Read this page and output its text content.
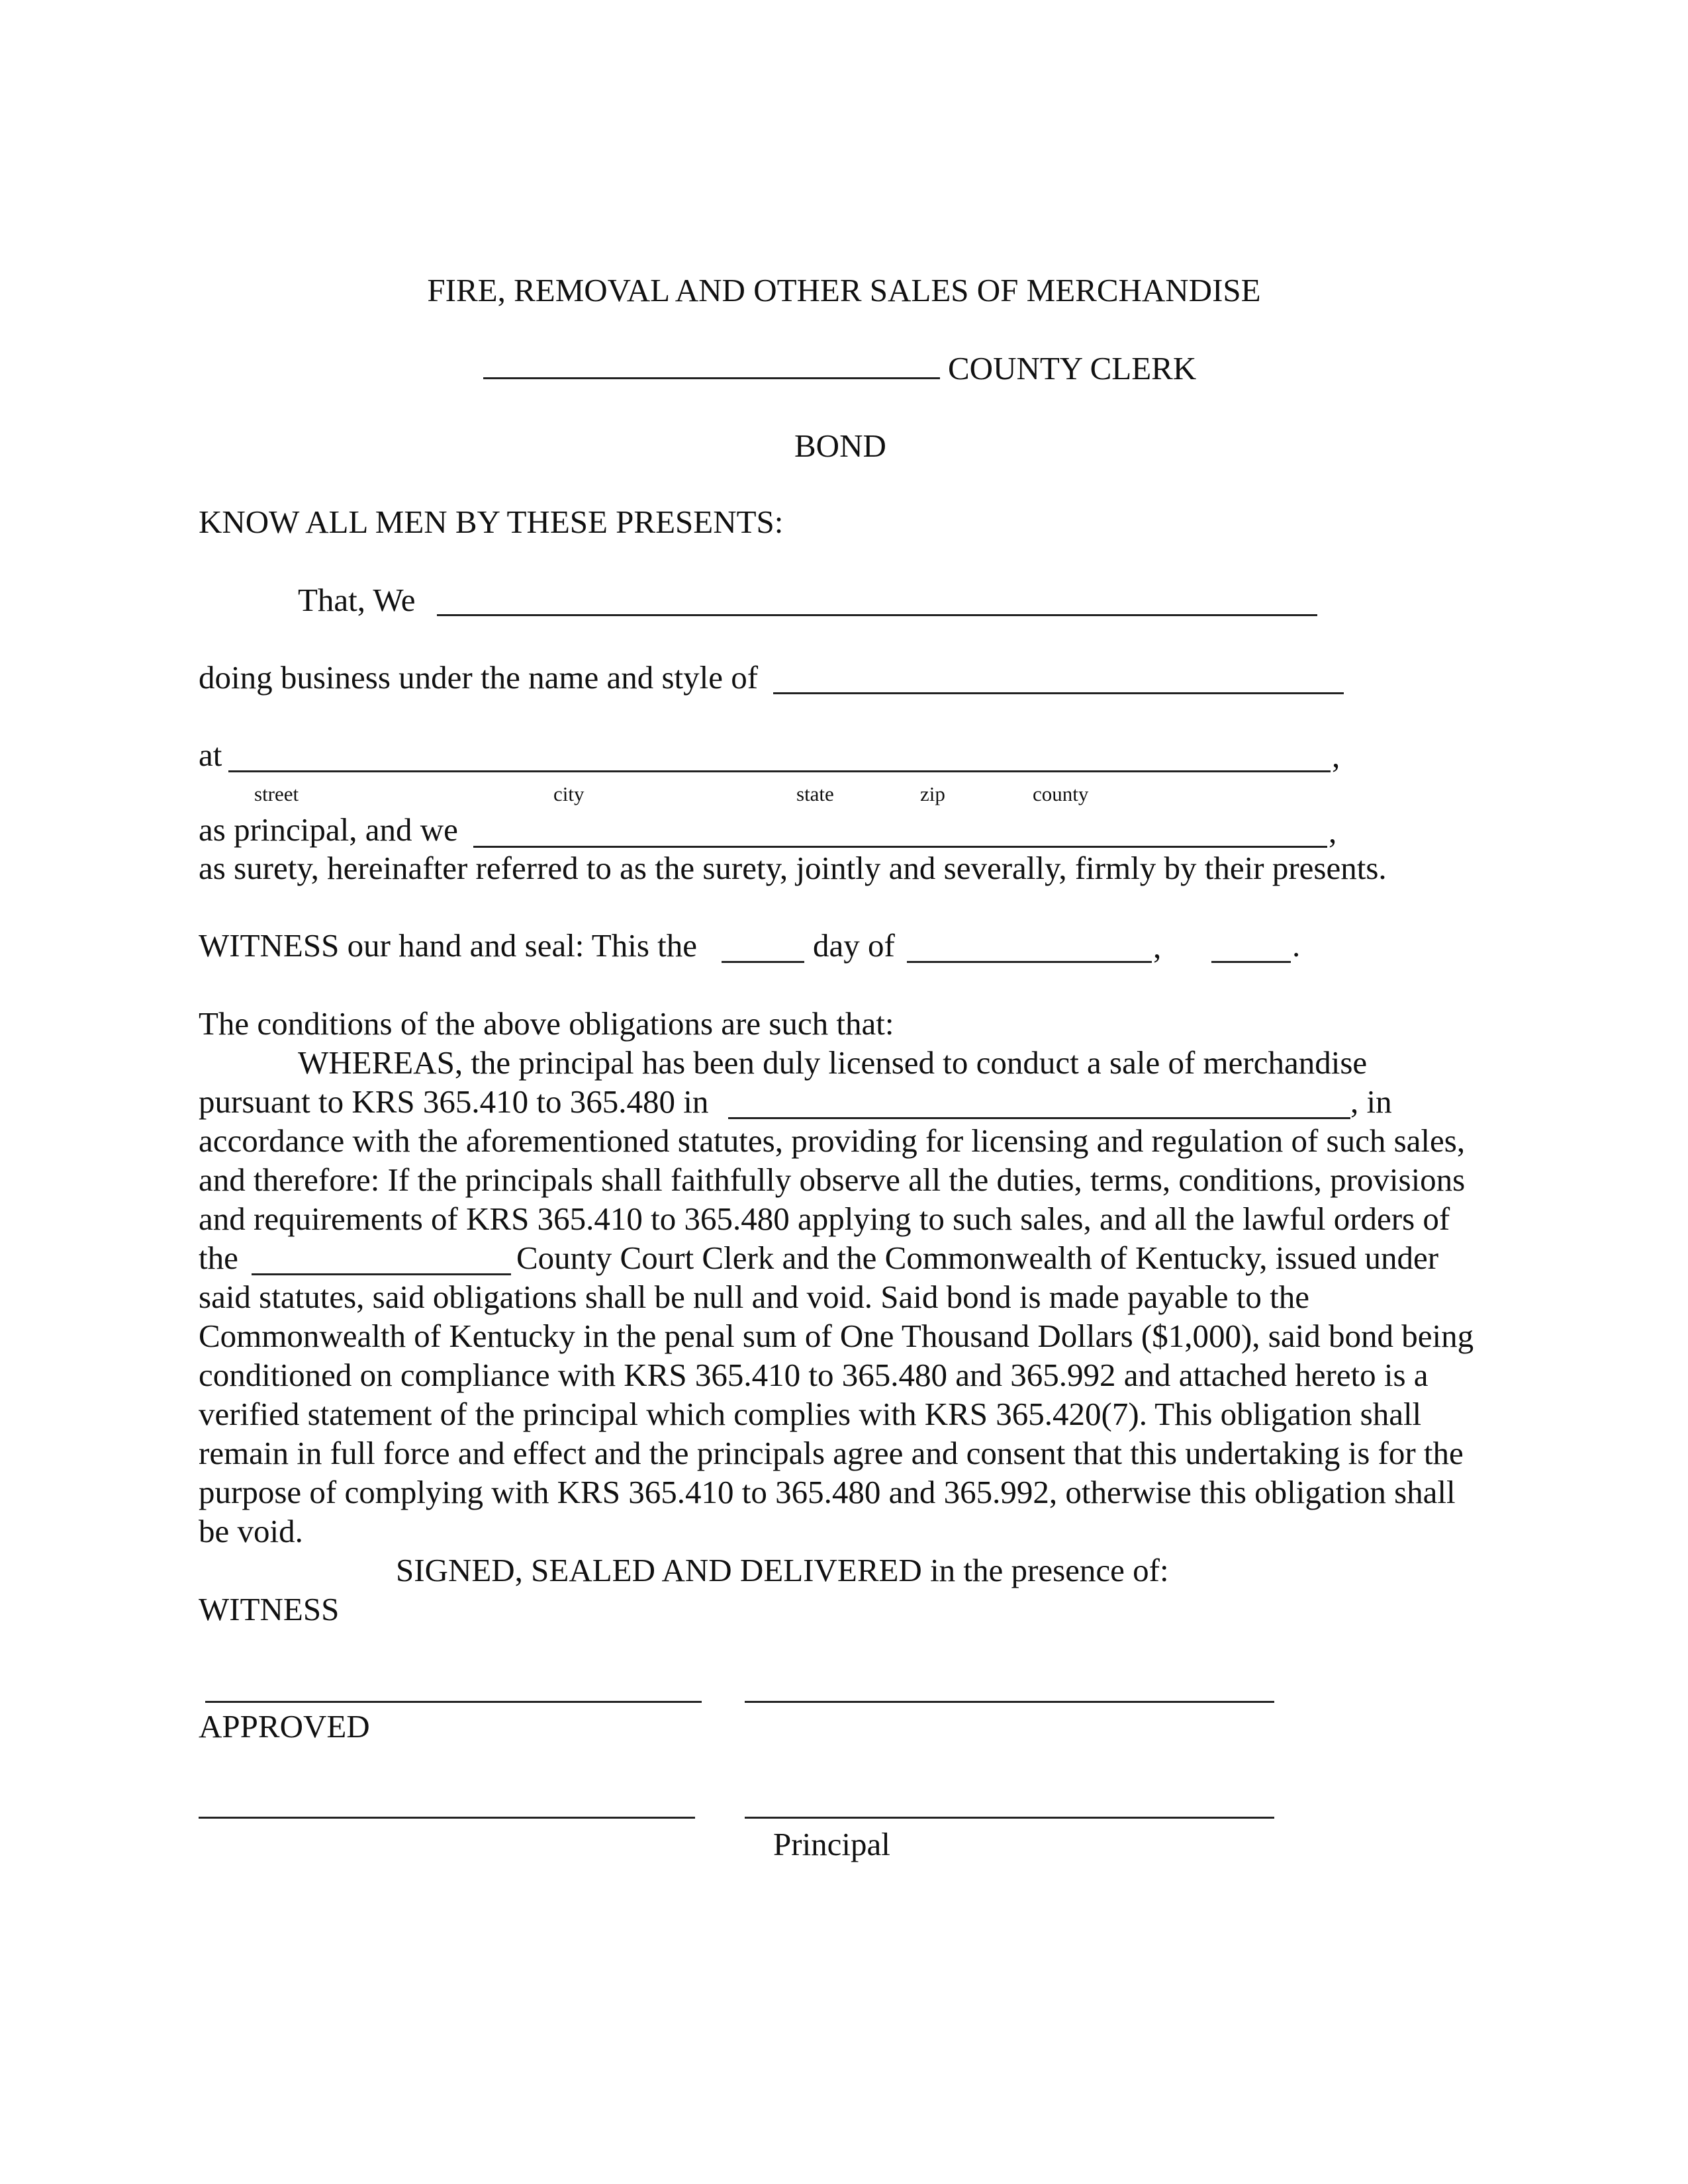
FIRE, REMOVAL AND OTHER SALES OF MERCHANDISE
COUNTY CLERK
BOND
KNOW ALL MEN BY THESE PRESENTS:
That, We
doing business under the name and style of
at	,
street	city	state	zip	county
as principal, and we	,
as surety, hereinafter referred to as the surety, jointly and severally, firmly by their presents.
WITNESS our hand and seal: This the	day of	,	.
The conditions of the above obligations are such that:
WHEREAS, the principal has been duly licensed to conduct a sale of merchandise
pursuant to KRS 365.410 to 365.480 in	, in
accordance with the aforementioned statutes, providing for licensing and regulation of such sales,
and therefore: If the principals shall faithfully observe all the duties, terms, conditions, provisions
and requirements of KRS 365.410 to 365.480 applying to such sales, and all the lawful orders of
the	County Court Clerk and the Commonwealth of Kentucky, issued under
said statutes, said obligations shall be null and void. Said bond is made payable to the
Commonwealth of Kentucky in the penal sum of One Thousand Dollars ($1,000), said bond being
conditioned on compliance with KRS 365.410 to 365.480 and 365.992 and attached hereto is a
verified statement of the principal which complies with KRS 365.420(7). This obligation shall
remain in full force and effect and the principals agree and consent that this undertaking is for the
purpose of complying with KRS 365.410 to 365.480 and 365.992, otherwise this obligation shall
be void.
SIGNED, SEALED AND DELIVERED in the presence of:
WITNESS
APPROVED
Principal
